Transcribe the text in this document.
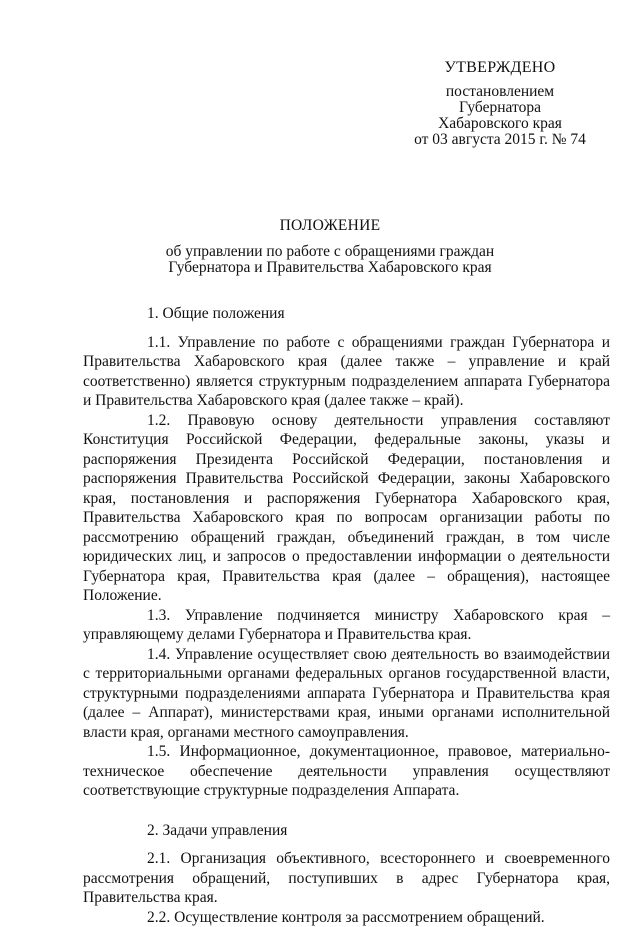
УТВЕРЖДЕНО
постановлением
Губернатора
Хабаровского края
от 03 августа 2015 г. № 74
ПОЛОЖЕНИЕ
об управлении по работе с обращениями граждан
Губернатора и Правительства Хабаровского края
1. Общие положения

1.1. Управление по работе с обращениями граждан Губернатора и Правительства Хабаровского края (далее также – управление и край соответственно) является структурным подразделением аппарата Губернатора и Правительства Хабаровского края (далее также – край).

1.2. Правовую основу деятельности управления составляют Конституция Российской Федерации, федеральные законы, указы и распоряжения Президента Российской Федерации, постановления и распоряжения Правительства Российской Федерации, законы Хабаровского края, постановления и распоряжения Губернатора Хабаровского края, Правительства Хабаровского края по вопросам организации работы по рассмотрению обращений граждан, объединений граждан, в том числе юридических лиц, и запросов о предоставлении информации о деятельности Губернатора края, Правительства края (далее – обращения), настоящее Положение.

1.3. Управление подчиняется министру Хабаровского края – управляющему делами Губернатора и Правительства края.

1.4. Управление осуществляет свою деятельность во взаимодействии с территориальными органами федеральных органов государственной власти, структурными подразделениями аппарата Губернатора и Правительства края (далее – Аппарат), министерствами края, иными органами исполнительной власти края, органами местного самоуправления.

1.5. Информационное, документационное, правовое, материально-техническое обеспечение деятельности управления осуществляют соответствующие структурные подразделения Аппарата.

2. Задачи управления

2.1. Организация объективного, всестороннего и своевременного рассмотрения обращений, поступивших в адрес Губернатора края, Правительства края.

2.2. Осуществление контроля за рассмотрением обращений.
